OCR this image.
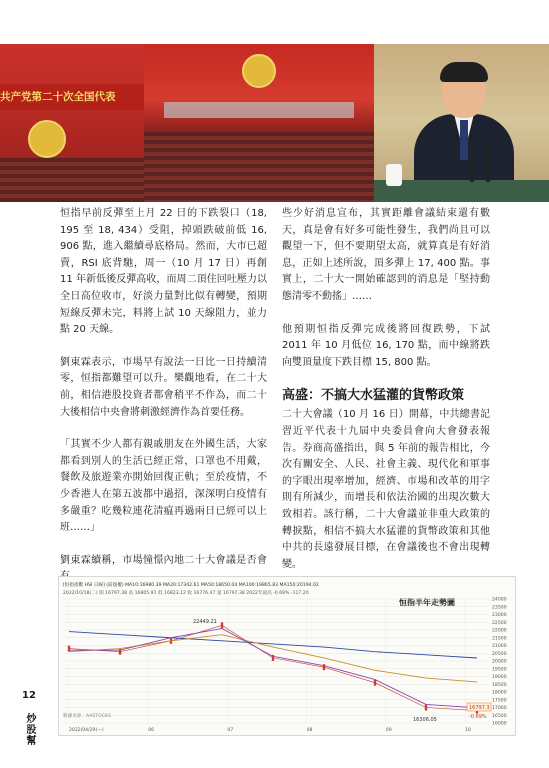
共产党第二十次全国代表

恒指早前反彈至上月 22 日的下跌裂口（18, 195 至 18, 434）受阻，掉頭跌破前低 16, 906 點，進入繼續尋底格局。然而，大市已超賣，RSI 底背馳，周一（10 月 17 日）再創 11 年新低後反彈高收，而周二頂住回吐壓力以全日高位收市，好淡力量對比似有轉變，預期短線反彈未完，料將上試 10 天線阻力，並力點 20 天線。

劉東霖表示，市場早有說法一日比一日持續清零，恒指都難望可以升。樂觀地看，在二十大前，相信港股投資者都會稍平不作為，而二十大後相信中央會將刺激經濟作為首要任務。

「其實不少人都有親戚朋友在外國生活，大家都看到別人的生活已經正常，口罩也不用戴，餐飲及旅遊業亦開始回復正軌；至於疫情，不少香港人在第五波都中過招，深深明白疫情有多嚴重？吃幾粒連花清瘟再過兩日已經可以上班……」

劉東霖續稱，市場憧憬內地二十大會議是否會

些少好消息宣布，其實距離會議結束還有數天，真是會有好多可能性發生，我們尚且可以觀望一下，但不要期望太高，就算真是有好消息，正如上述所說，頂多彈上 17, 400 點。事實上，二十大一開始確認到的消息是「堅持動態清零不動搖」……

他預期恒指反彈完成後將回復跌勢，下試 2011 年 10 月低位 16, 170 點，而中線將跌向雙頂量度下跌目標 15, 800 點。

高盛：不搞大水猛灌的貨幣政策

二十大會議（10 月 16 日）開幕，中共總書記習近平代表十九屆中央委員會向大會發表報告。券商高盛指出，與 5 年前的報告相比，今次有關安全、人民、社會主義、現代化和軍事的字眼出現率增加，經濟、市場和改革的用字則有所減少，而增長和依法治國的出現次數大致相若。該行稱，二十大會議並非重大政策的轉捩點，相信不搞大水猛灌的貨幣政策和其他中共的長遠發展目標，在會議後也不會出現轉變。

12
炒股幫
[恒指指數 HSI 日線] (前復權) MA10:16980.39 MA20:17342.61 MA50:18650.04 MA100:19865.83 MA150:20194.02
2022/10/18(二) 開 16797.38 高 16805.91 低 16823.12 收 16776.47 量 16797.38 2022年最高 -0.69% -117.20
恒指半年走勢圖	24000
23500
23000
22500
22000
21500
21000
20500
20000
19500
19000
18500
18000
17500
17000
16500
16000
2022/04/29(—)	06	07	08	09	10
22449.21
16306.05
16797.3
-0.69%
數據來源：AASTOCKS
